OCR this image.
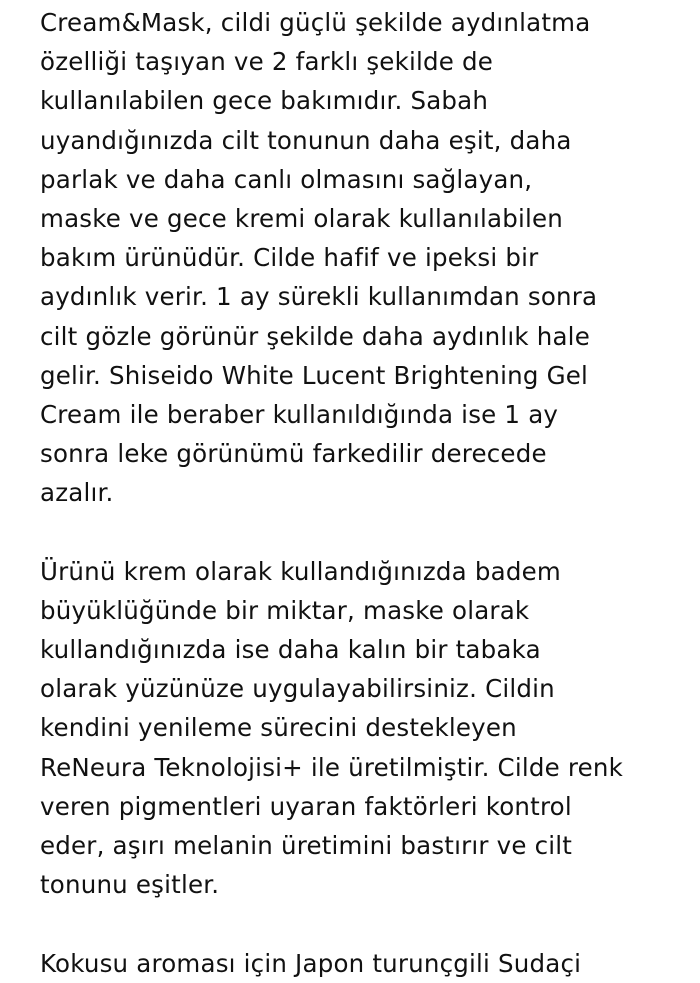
Cream&Mask, cildi güçlü şekilde aydınlatma
özelliği taşıyan ve 2 farklı şekilde de
kullanılabilen gece bakımıdır. Sabah
uyandığınızda cilt tonunun daha eşit, daha
parlak ve daha canlı olmasını sağlayan,
maske ve gece kremi olarak kullanılabilen
bakım ürünüdür. Cilde hafif ve ipeksi bir
aydınlık verir. 1 ay sürekli kullanımdan sonra
cilt gözle görünür şekilde daha aydınlık hale
gelir. Shiseido White Lucent Brightening Gel
Cream ile beraber kullanıldığında ise 1 ay
sonra leke görünümü farkedilir derecede
azalır.
Ürünü krem olarak kullandığınızda badem
büyüklüğünde bir miktar, maske olarak
kullandığınızda ise daha kalın bir tabaka
olarak yüzünüze uygulayabilirsiniz. Cildin
kendini yenileme sürecini destekleyen
ReNeura Teknolojisi+ ile üretilmiştir. Cilde renk
veren pigmentleri uyaran faktörleri kontrol
eder, aşırı melanin üretimini bastırır ve cilt
tonunu eşitler.
Kokusu aroması için Japon turunçgili Sudaçi
